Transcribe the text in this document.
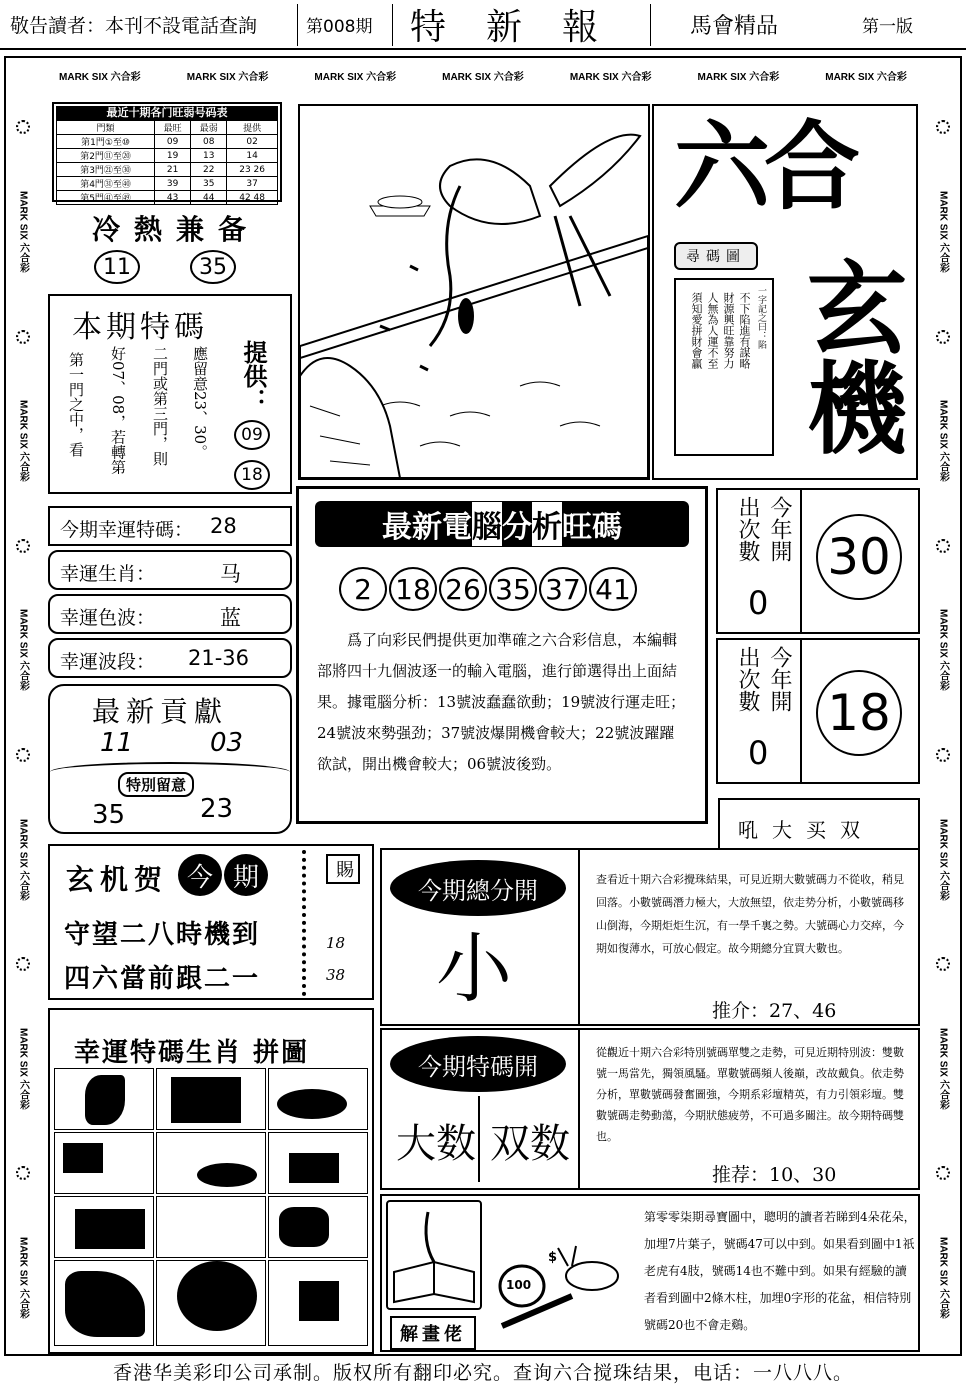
敬告讀者：本刊不設電話查詢	第008期 特新報 馬會精品	第一版
MARK SIX 六合彩	MARK SIX 六合彩	MARK SIX 六合彩	MARK SIX 六合彩	MARK SIX 六合彩	MARK SIX 六合彩	MARK SIX 六合彩
MARK SIX 六合彩
MARK SIX 六合彩
MARK SIX 六合彩
MARK SIX 六合彩
MARK SIX 六合彩
MARK SIX 六合彩
MARK SIX 六合彩
MARK SIX 六合彩
MARK SIX 六合彩
MARK SIX 六合彩
MARK SIX 六合彩
MARK SIX 六合彩
最近十期各门旺弱号码表
門類	最旺	最弱	提供
第1門①至⑩	09	08	02
第2門⑪至⑳	19	13	14
第3門㉑至㉚	21	22	23 26
第4門㉛至㊵	39	35	37
第5門㊶至㊾	43	44	42 48
冷熱兼备
11	35
本期特碼
應留意23、30。
二門或第三門，則
好07、08，若轉第
第一門之中，看	提供：
09
18
今期幸運特碼： 28
幸運生肖：	马
幸運色波：	蓝
幸運波段： 21-36
最新貢獻
11	03
特別留意
35	23
六合
玄機
尋碼圖
一字記之曰：陷
不下陷進有謀略
財源興旺靠努力
人無為人運不至
須知愛拼財會贏
最新電 腦 分 析 旺 碼
2 18 26 35 37 41
爲了向彩民們提供更加準確之六合彩信息，本編輯部將四十九個波逐一的輸入電腦，進行節選得出上面結果。據電腦分析：13號波蠢蠢欲動；19號波行運走旺；24號波來勢强劲；37號波爆開機會較大；22號波躍躍欲試，開出機會較大；06號波後勁。
今年開
出次數
0
30
今年開
出次數
0
18
吼大买双
玄机贺 今 期
守望二八時機到
四六當前跟二一
賜
18
38
今期總分開
小
查看近十期六合彩攪珠結果，可見近期大數號碼力不從收，稍見回落。小數號碼潛力極大，大放無望，依走势分析，小數號碼移山倒海，今期炬炬生沉，有一學千裏之勢。大號碼心力交瘁，今期如復薄水，可放心假定。故今期總分宜買大數也。
推介：27、46
今期特碼開
大数 双数
從觀近十期六合彩特別號碼單雙之走勢，可見近期特別波：雙數號一馬當先，獨領風騷。單數號碼頻人後巔，改故戴負。依走勢分析，單數號碼發奮圖強，今期系彩壇精英，有力引領彩壇。雙數號碼走勢動蕩，今期狀態疲勞，不可過多關注。故今期特碼雙也。
推荐：10、30
幸運特碼生肖 拼圖
解畫佬
100
$
第零零柒期尋寶圖中，聰明的讀者若睇到4朵花朵，加埋7片葉子，號碼47可以中到。如果看到圖中1祇老虎有4肢，號碼14也不難中到。如果有經驗的讀者看到圖中2條木柱，加埋0字形的花盆，相信特別號碼20也不會走鷄。
香港华美彩印公司承制。版权所有翻印必究。查询六合搅珠结果，电话：一八八八。
